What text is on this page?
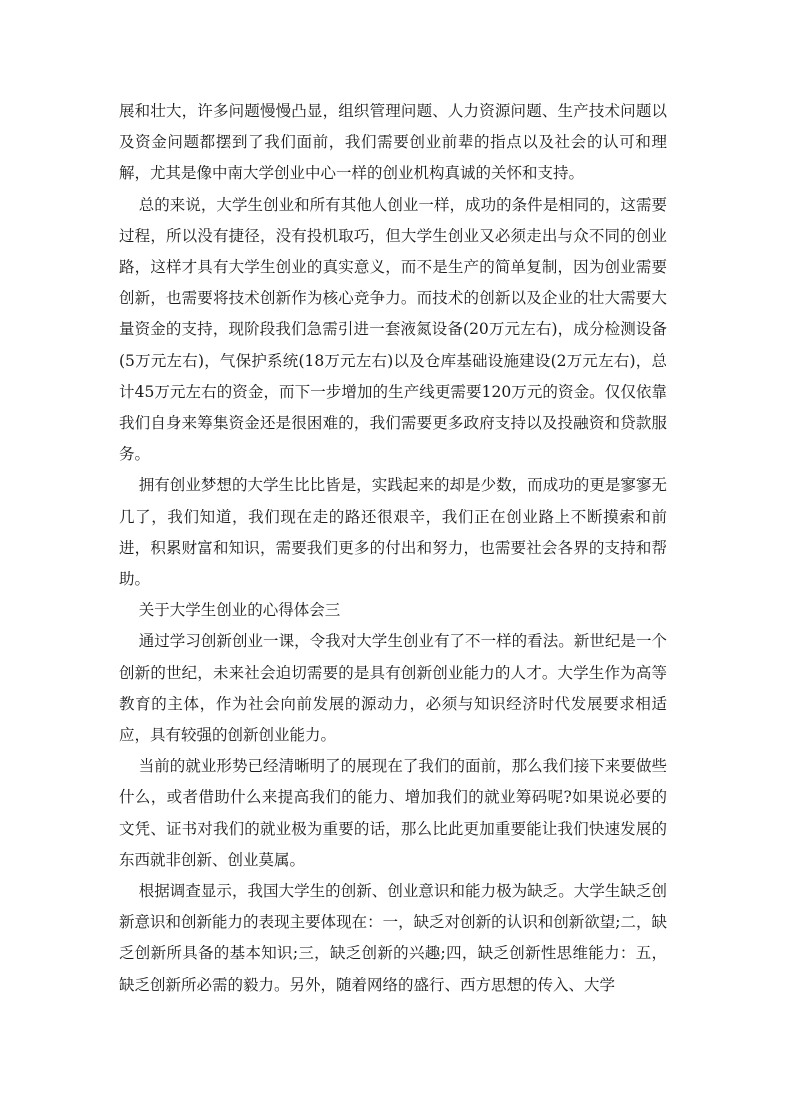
展和壮大，许多问题慢慢凸显，组织管理问题、人力资源问题、生产技术问题以及资金问题都摆到了我们面前，我们需要创业前辈的指点以及社会的认可和理解，尤其是像中南大学创业中心一样的创业机构真诚的关怀和支持。

总的来说，大学生创业和所有其他人创业一样，成功的条件是相同的，这需要过程，所以没有捷径，没有投机取巧，但大学生创业又必须走出与众不同的创业路，这样才具有大学生创业的真实意义，而不是生产的简单复制，因为创业需要创新，也需要将技术创新作为核心竞争力。而技术的创新以及企业的壮大需要大量资金的支持，现阶段我们急需引进一套液氮设备(20万元左右)，成分检测设备(5万元左右)，气保护系统(18万元左右)以及仓库基础设施建设(2万元左右)，总计45万元左右的资金，而下一步增加的生产线更需要120万元的资金。仅仅依靠我们自身来筹集资金还是很困难的，我们需要更多政府支持以及投融资和贷款服务。

拥有创业梦想的大学生比比皆是，实践起来的却是少数，而成功的更是寥寥无几了，我们知道，我们现在走的路还很艰辛，我们正在创业路上不断摸索和前进，积累财富和知识，需要我们更多的付出和努力，也需要社会各界的支持和帮助。

关于大学生创业的心得体会三

通过学习创新创业一课，令我对大学生创业有了不一样的看法。新世纪是一个创新的世纪，未来社会迫切需要的是具有创新创业能力的人才。大学生作为高等教育的主体，作为社会向前发展的源动力，必须与知识经济时代发展要求相适应，具有较强的创新创业能力。

当前的就业形势已经清晰明了的展现在了我们的面前，那么我们接下来要做些什么，或者借助什么来提高我们的能力、增加我们的就业筹码呢?如果说必要的文凭、证书对我们的就业极为重要的话，那么比此更加重要能让我们快速发展的东西就非创新、创业莫属。

根据调查显示，我国大学生的创新、创业意识和能力极为缺乏。大学生缺乏创新意识和创新能力的表现主要体现在：一，缺乏对创新的认识和创新欲望;二，缺乏创新所具备的基本知识;三，缺乏创新的兴趣;四，缺乏创新性思维能力：五，缺乏创新所必需的毅力。另外，随着网络的盛行、西方思想的传入、大学
